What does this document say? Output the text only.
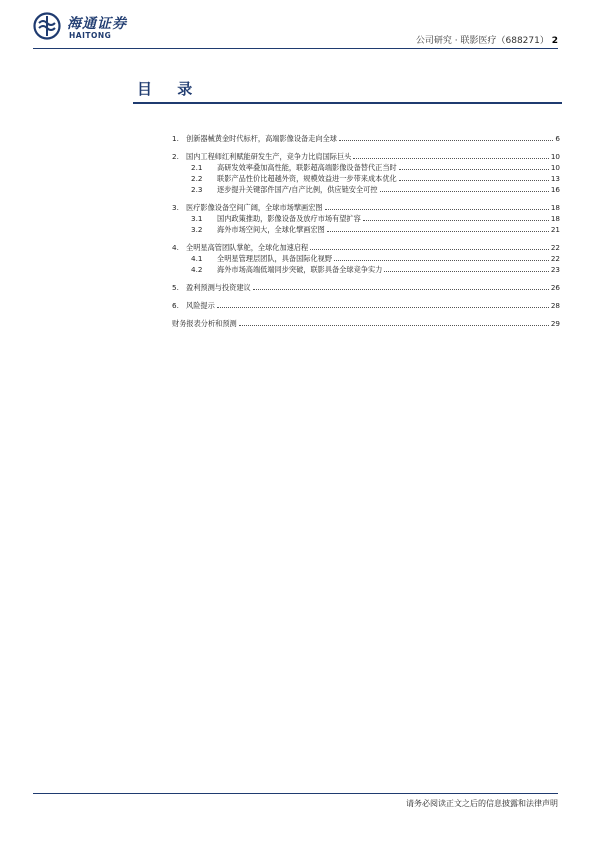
海通证券
HAITONG
公司研究 · 联影医疗（688271） 2
目 录
1. 创新器械黄金时代标杆，高端影像设备走向全球	6
2. 国内工程师红利赋能研发生产，竞争力比肩国际巨头	10
2.1	高研发效率叠加高性能，联影超高端影像设备替代正当时	10
2.2	联影产品性价比超越外资，规模效益进一步带来成本优化	13
2.3	逐步提升关键部件国产/自产比例，供应链安全可控	16
3. 医疗影像设备空间广阔，全球市场擘画宏图	18
3.1	国内政策推助，影像设备及放疗市场有望扩容	18
3.2	海外市场空间大，全球化擘画宏图	21
4. 全明星高管团队掌舵，全球化加速启程	22
4.1	全明星管理层团队，具备国际化视野	22
4.2	海外市场高端低端同步突破，联影具备全球竞争实力	23
5. 盈利预测与投资建议	26
6. 风险提示	28
财务报表分析和预测	29
请务必阅读正文之后的信息披露和法律声明
